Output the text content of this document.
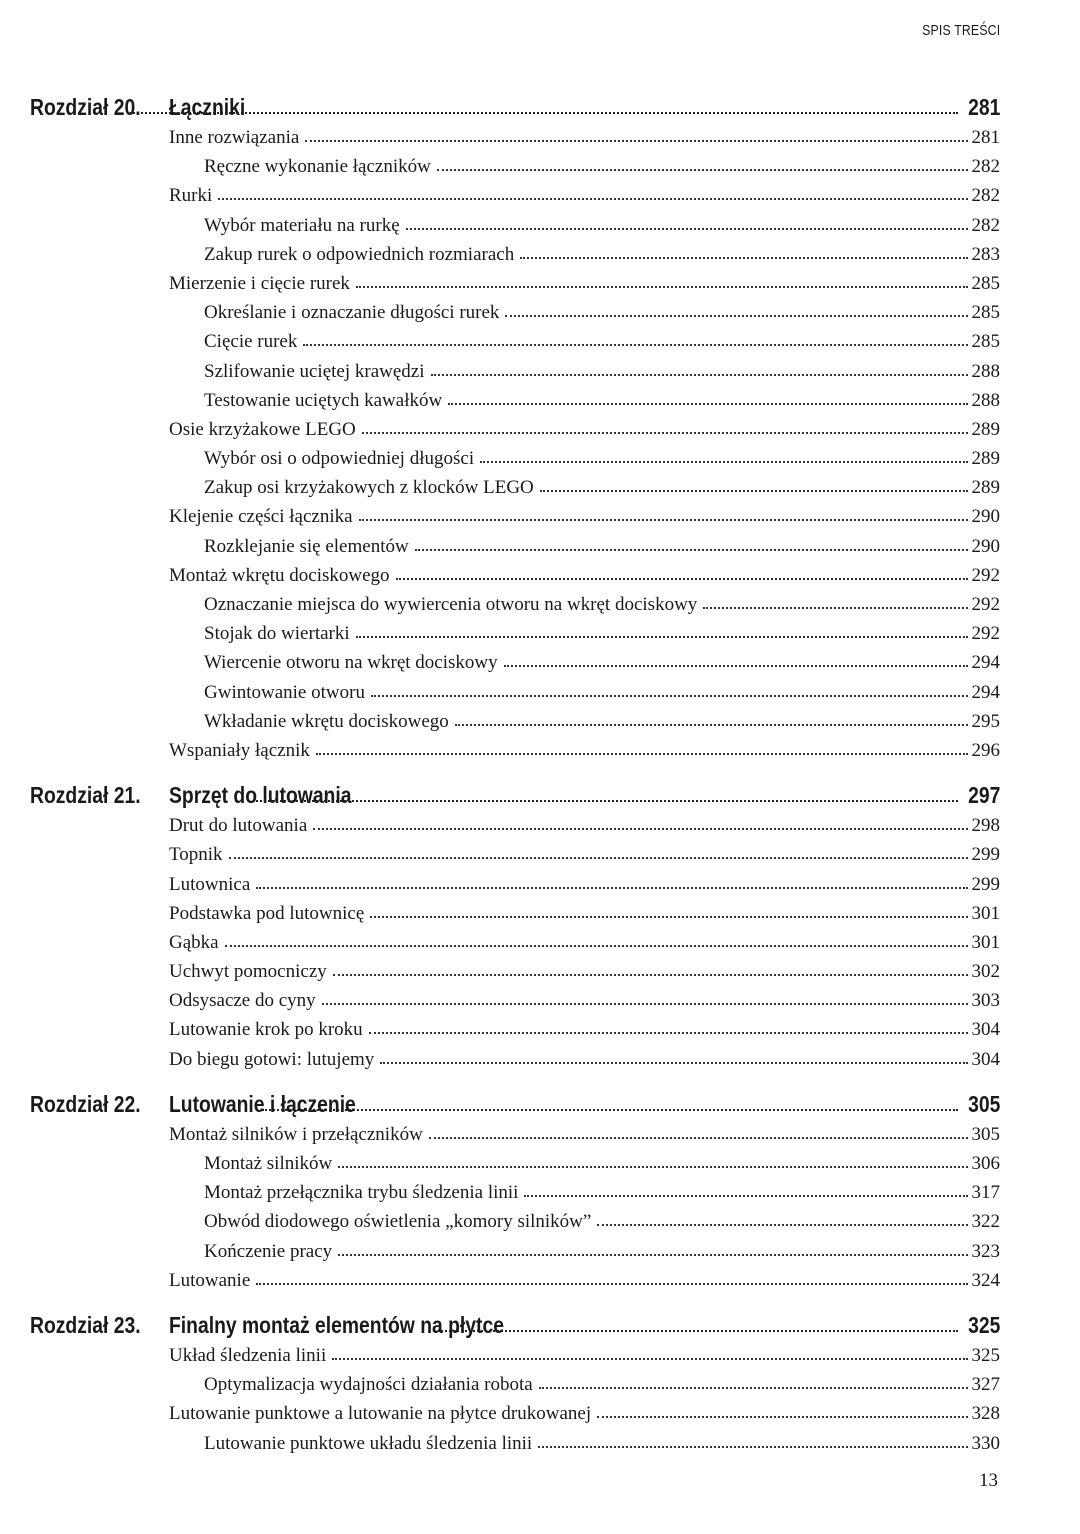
SPIS TREŚCI
Rozdział 20. Łączniki	281
Inne rozwiązania	281
Ręczne wykonanie łączników	282
Rurki	282
Wybór materiału na rurkę	282
Zakup rurek o odpowiednich rozmiarach	283
Mierzenie i cięcie rurek	285
Określanie i oznaczanie długości rurek	285
Cięcie rurek	285
Szlifowanie uciętej krawędzi	288
Testowanie uciętych kawałków	288
Osie krzyżakowe LEGO	289
Wybór osi o odpowiedniej długości	289
Zakup osi krzyżakowych z klocków LEGO	289
Klejenie części łącznika	290
Rozklejanie się elementów	290
Montaż wkrętu dociskowego	292
Oznaczanie miejsca do wywiercenia otworu na wkręt dociskowy	292
Stojak do wiertarki	292
Wiercenie otworu na wkręt dociskowy	294
Gwintowanie otworu	294
Wkładanie wkrętu dociskowego	295
Wspaniały łącznik	296
Rozdział 21. Sprzęt do lutowania	297
Drut do lutowania	298
Topnik	299
Lutownica	299
Podstawka pod lutownicę	301
Gąbka	301
Uchwyt pomocniczy	302
Odsysacze do cyny	303
Lutowanie krok po kroku	304
Do biegu gotowi: lutujemy	304
Rozdział 22. Lutowanie i łączenie	305
Montaż silników i przełączników	305
Montaż silników	306
Montaż przełącznika trybu śledzenia linii	317
Obwód diodowego oświetlenia „komory silników”	322
Kończenie pracy	323
Lutowanie	324
Rozdział 23. Finalny montaż elementów na płytce	325
Układ śledzenia linii	325
Optymalizacja wydajności działania robota	327
Lutowanie punktowe a lutowanie na płytce drukowanej	328
Lutowanie punktowe układu śledzenia linii	330
13
